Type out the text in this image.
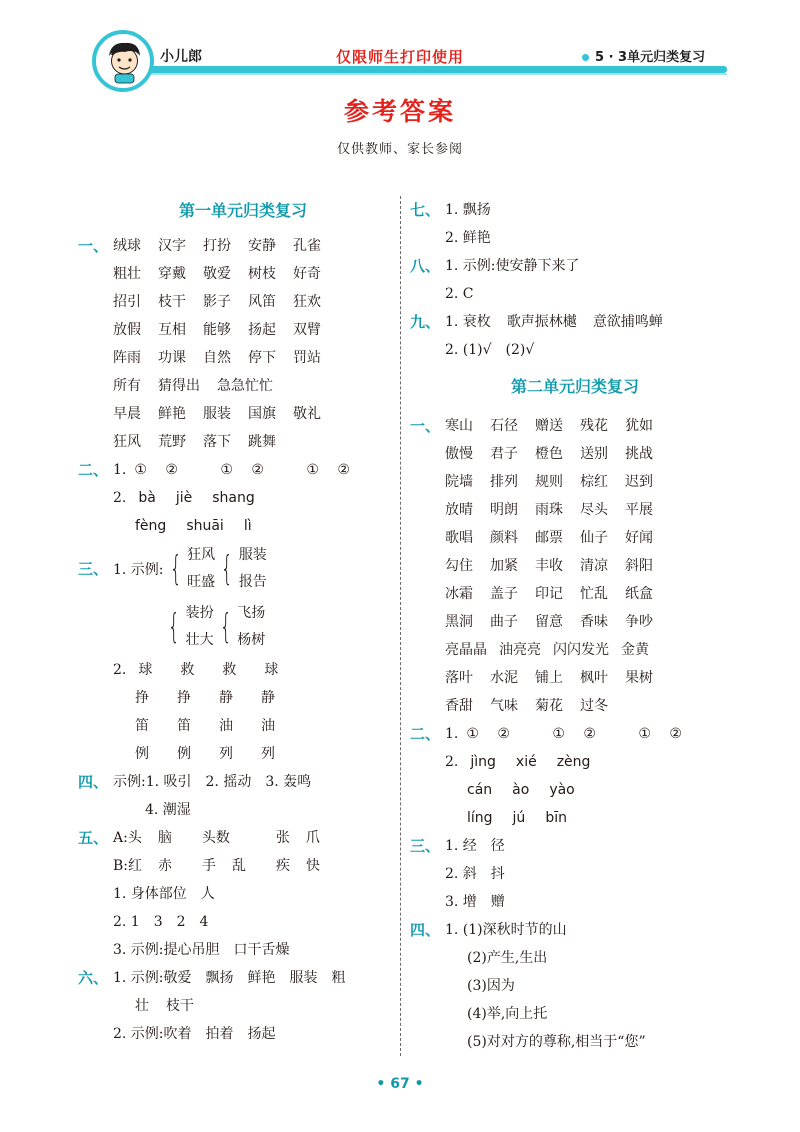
小儿郎	仅限师生打印使用	5 · 3单元归类复习
参考答案
仅供教师、家长参阅
第一单元归类复习
一、 绒球 汉字 打扮 安静 孔雀
粗壮 穿戴 敬爱 树枝 好奇
招引 枝干 影子 风笛 狂欢
放假 互相 能够 扬起 双臂
阵雨 功课 自然 停下 罚站
所有 猜得出 急急忙忙
早晨 鲜艳 服装 国旗 敬礼
狂风 荒野 落下 跳舞
二、 1. ① ②	① ②	① ②
2. bà jiè shang
fèng shuāi lì
三、 1. 示例: { 狂风
旺盛 { 服装
报告
{ 装扮
壮大 { 飞扬
杨树
2. 球 救 救 球
挣 挣 静 静
笛 笛 油 油
例 例 列 列
四、 示例:1. 吸引　2. 摇动　3. 轰鸣
4. 潮湿
五、 A:头 脑 头数	张 爪
B:红 赤 手 乱 疾 快
1. 身体部位　人
2. 1　3　2　4
3. 示例:提心吊胆　口干舌燥
六、 1. 示例:敬爱 飘扬 鲜艳 服装 粗
壮 枝干
2. 示例:吹着 拍着 扬起
七、 1. 飘扬
2. 鲜艳
八、 1. 示例:使安静下来了
2. C
九、 1. 衰枚 歌声振林樾 意欲捕鸣蝉
2. (1)√　(2)√
第二单元归类复习
一、 寒山 石径 赠送 残花 犹如
傲慢 君子 橙色 送别 挑战
院墙 排列 规则 棕红 迟到
放晴 明朗 雨珠 尽头 平展
歌唱 颜料 邮票 仙子 好闻
勾住 加紧 丰收 清凉 斜阳
冰霜 盖子 印记 忙乱 纸盒
黑洞 曲子 留意 香味 争吵
亮晶晶 油亮亮 闪闪发光 金黄
落叶 水泥 铺上 枫叶 果树
香甜 气味 菊花 过冬
二、 1. ① ②	① ②	① ②
2. jìng xié zèng
cán ào yào
líng jú bīn
三、 1. 经　径
2. 斜　抖
3. 增　赠
四、 1. (1)深秋时节的山
(2)产生,生出
(3)因为
(4)举,向上托
(5)对对方的尊称,相当于“您”
• 67 •
